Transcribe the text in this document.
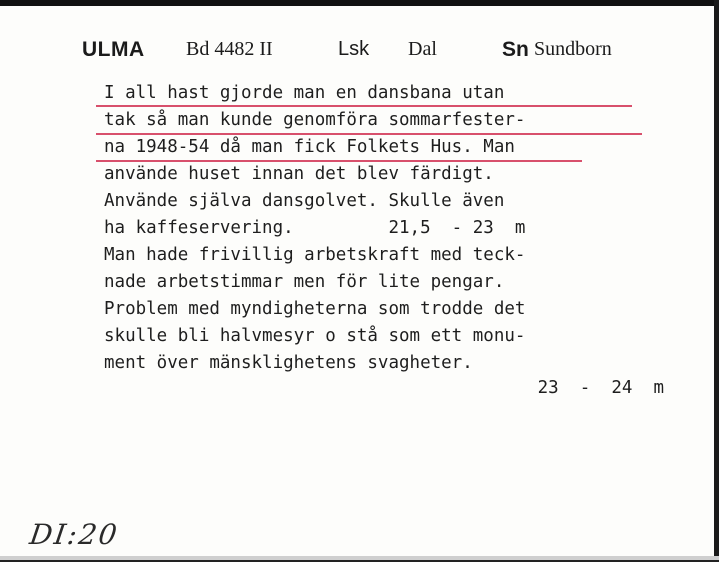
ULMA Bd 4482 II	Lsk Dal	Sn Sundborn
I all hast gjorde man en dansbana utan
tak så man kunde genomföra sommarfester-
na 1948-54 då man fick Folkets Hus. Man
använde huset innan det blev färdigt.
Använde själva dansgolvet. Skulle även
ha kaffeservering.         21,5  - 23  m
Man hade frivillig arbetskraft med teck-
nade arbetstimmar men för lite pengar.
Problem med myndigheterna som trodde det
skulle bli halvmesyr o stå som ett monu-
ment över mänsklighetens svagheter.
23  -  24  m
DI:20
